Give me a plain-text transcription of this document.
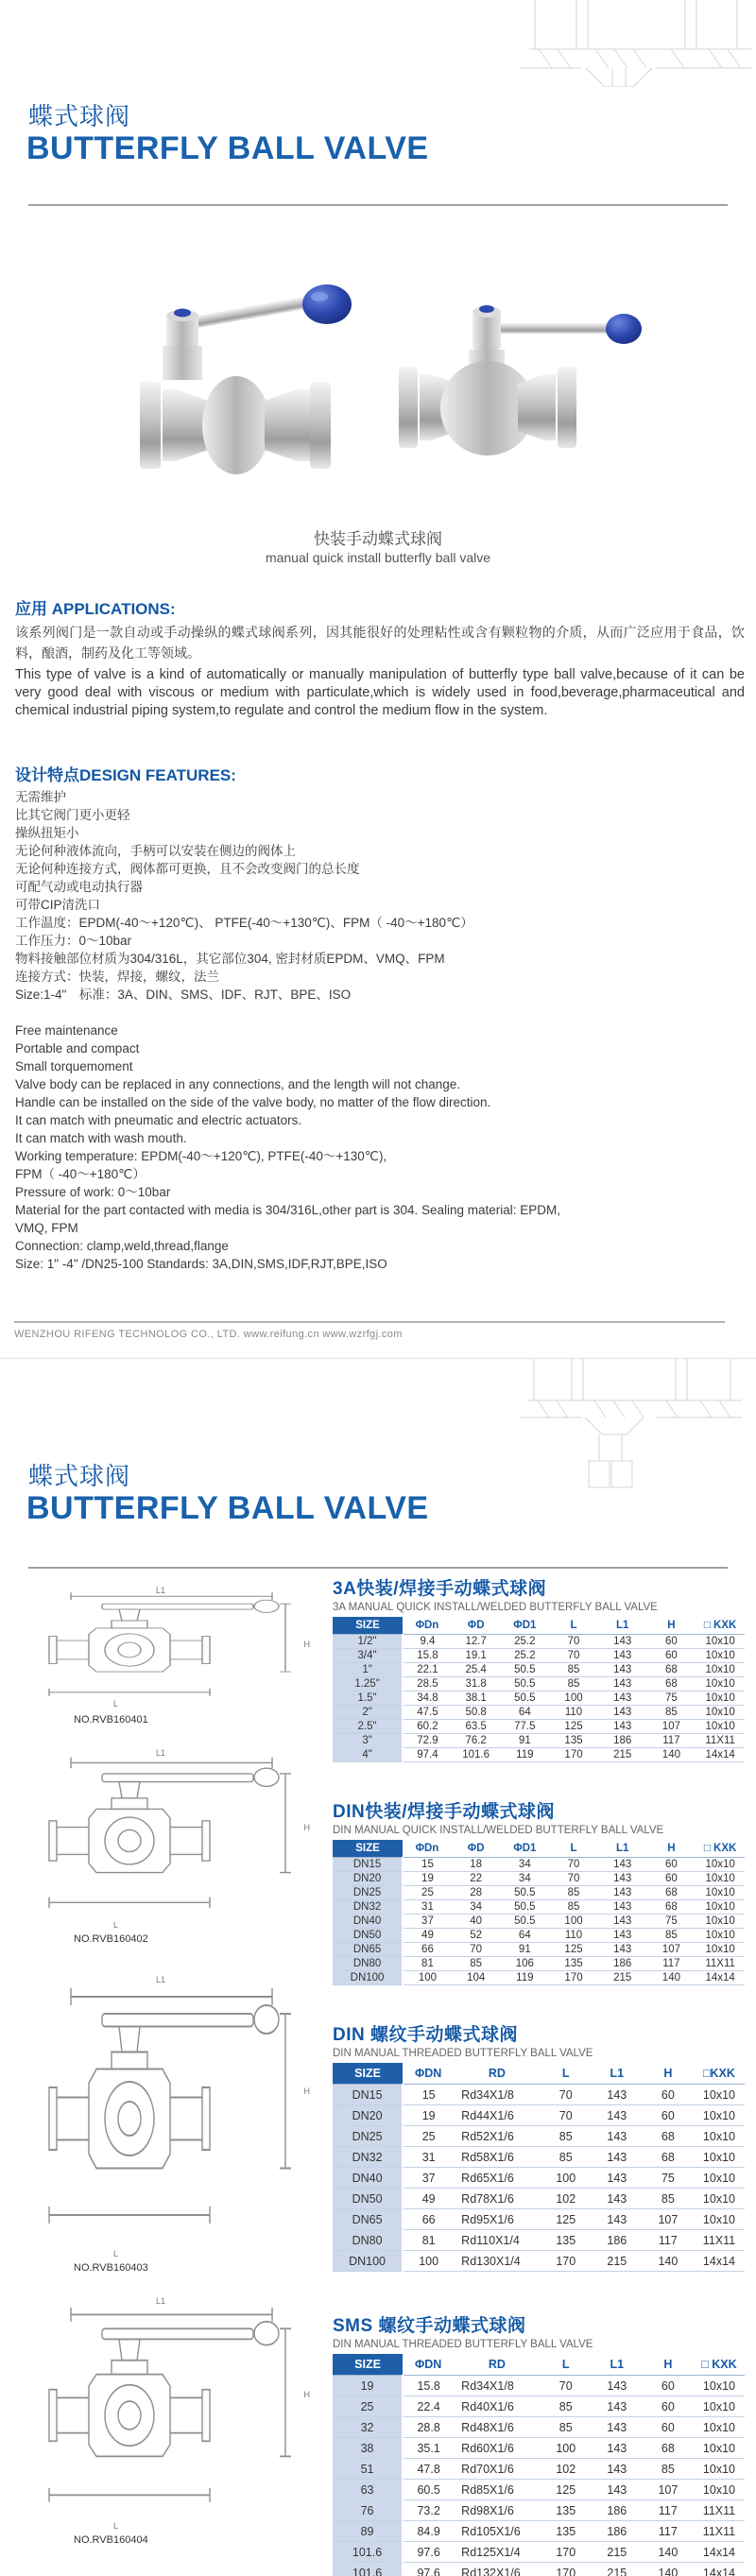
蝶式球阀
BUTTERFLY BALL VALVE
快装手动蝶式球阀
manual quick install butterfly ball valve
应用 APPLICATIONS:
该系列阀门是一款自动或手动操纵的蝶式球阀系列，因其能很好的处理粘性或含有颗粒物的介质，从而广泛应用于食品，饮料，酿酒，制药及化工等领域。
This type of valve is a kind of automatically or manually manipulation of butterfly type ball valve,because of it can be very good deal with viscous or medium with particulate,which is widely used in food,beverage,pharmaceutical and chemical industrial piping system,to regulate and control the medium flow in the system.
设计特点DESIGN FEATURES:
无需维护
比其它阀门更小更轻
操纵扭矩小
无论何种液体流向，手柄可以安装在侧边的阀体上
无论何种连接方式，阀体都可更换，且不会改变阀门的总长度
可配气动或电动执行器
可带CIP清洗口
工作温度：EPDM(-40～+120℃)、 PTFE(-40～+130℃)、FPM（ -40～+180℃）
工作压力：0～10bar
物料接触部位材质为304/316L，其它部位304, 密封材质EPDM、VMQ、FPM
连接方式：快装，焊接，螺纹，法兰
Size:1-4"　标准：3A、DIN、SMS、IDF、RJT、BPE、ISO
Free maintenance
Portable and compact
Small torquemoment
Valve body can be replaced in any connections, and the length will not change.
Handle can be installed on the side of the valve body, no matter of the flow direction.
It can match with pneumatic and electric actuators.
It can match with wash mouth.
Working temperature: EPDM(-40～+120℃), PTFE(-40～+130℃),
FPM（ -40～+180℃）
Pressure of work: 0～10bar
Material for the part contacted with media is 304/316L,other part is 304. Sealing material: EPDM,
VMQ, FPM
Connection: clamp,weld,thread,flange
Size: 1" -4" /DN25-100 Standards: 3A,DIN,SMS,IDF,RJT,BPE,ISO
WENZHOU RIFENG TECHNOLOG CO., LTD. www.reifung.cn www.wzrfgj.com
蝶式球阀
BUTTERFLY BALL VALVE
L1
H
L
NO.RVB160401
L1
H
L
NO.RVB160402
L1
H
L
NO.RVB160403
L1
H
L
NO.RVB160404
3A快装/焊接手动蝶式球阀
3A MANUAL QUICK INSTALL/WELDED BUTTERFLY BALL VALVE
SIZE	ΦDn	ΦD	ΦD1	L	L1	H	□ KXK
1/2"	9.4	12.7	25.2	70	143	60	10x10
3/4"	15.8	19.1	25.2	70	143	60	10x10
1"	22.1	25.4	50.5	85	143	68	10x10
1.25"	28.5	31.8	50.5	85	143	68	10x10
1.5"	34.8	38.1	50.5	100	143	75	10x10
2"	47.5	50.8	64	110	143	85	10x10
2.5"	60.2	63.5	77.5	125	143	107	10x10
3"	72.9	76.2	91	135	186	117	11X11
4"	97.4	101.6	119	170	215	140	14x14
DIN快装/焊接手动蝶式球阀
DIN MANUAL QUICK INSTALL/WELDED BUTTERFLY BALL VALVE
SIZE	ΦDn	ΦD	ΦD1	L	L1	H	□ KXK
DN15	15	18	34	70	143	60	10x10
DN20	19	22	34	70	143	60	10x10
DN25	25	28	50.5	85	143	68	10x10
DN32	31	34	50.5	85	143	68	10x10
DN40	37	40	50.5	100	143	75	10x10
DN50	49	52	64	110	143	85	10x10
DN65	66	70	91	125	143	107	10x10
DN80	81	85	106	135	186	117	11X11
DN100	100	104	119	170	215	140	14x14
DIN 螺纹手动蝶式球阀
DIN MANUAL THREADED BUTTERFLY BALL VALVE
SIZE	ΦDN	RD	L	L1	H	□KXK
DN15	15	Rd34X1/8	70	143	60	10x10
DN20	19	Rd44X1/6	70	143	60	10x10
DN25	25	Rd52X1/6	85	143	68	10x10
DN32	31	Rd58X1/6	85	143	68	10x10
DN40	37	Rd65X1/6	100	143	75	10x10
DN50	49	Rd78X1/6	102	143	85	10x10
DN65	66	Rd95X1/6	125	143	107	10x10
DN80	81	Rd110X1/4	135	186	117	11X11
DN100	100	Rd130X1/4	170	215	140	14x14
SMS 螺纹手动蝶式球阀
DIN MANUAL THREADED BUTTERFLY BALL VALVE
SIZE	ΦDN	RD	L	L1	H	□ KXK
19	15.8	Rd34X1/8	70	143	60	10x10
25	22.4	Rd40X1/6	85	143	60	10x10
32	28.8	Rd48X1/6	85	143	60	10x10
38	35.1	Rd60X1/6	100	143	68	10x10
51	47.8	Rd70X1/6	102	143	85	10x10
63	60.5	Rd85X1/6	125	143	107	10x10
76	73.2	Rd98X1/6	135	186	117	11X11
89	84.9	Rd105X1/6	135	186	117	11X11
101.6	97.6	Rd125X1/4	170	215	140	14x14
101.6	97.6	Rd132X1/6	170	215	140	14x14
